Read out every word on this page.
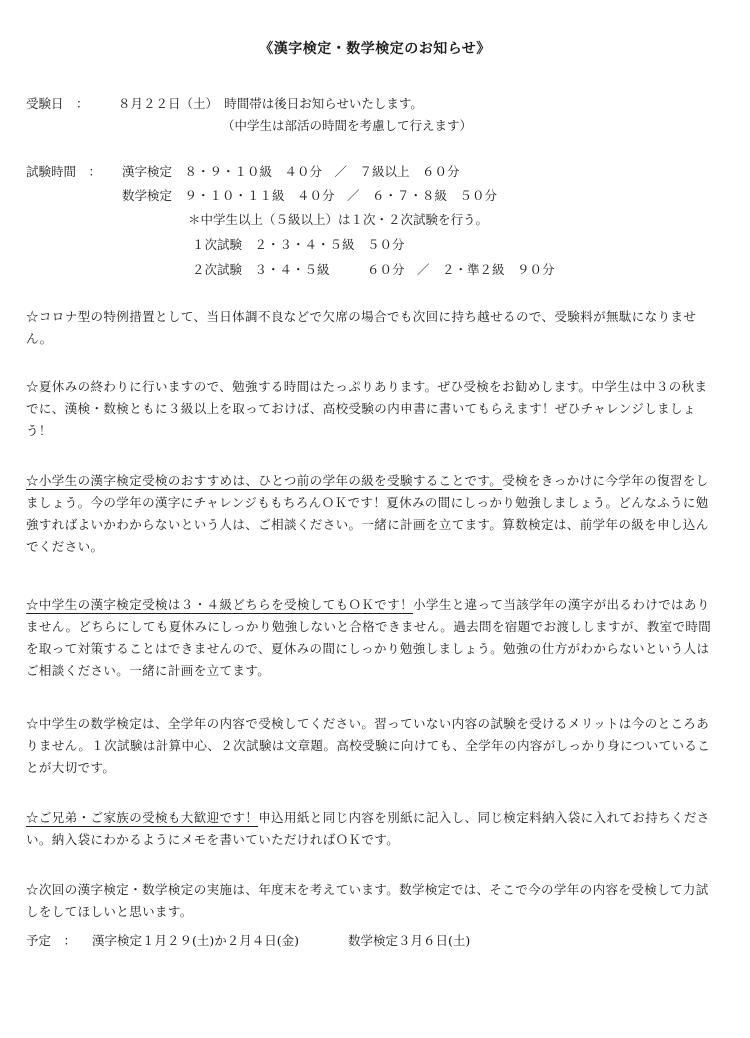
《漢字検定・数学検定のお知らせ》
受験日　： ８月２２日（土）　時間帯は後日お知らせいたします。
（中学生は部活の時間を考慮して行えます）
試験時間　： 漢字検定　８・９・１０級　４０分　／　７級以上　６０分
数学検定　９・１０・１１級　４０分　／　６・７・８級　５０分
＊中学生以上（５級以上）は１次・２次試験を行う。
１次試験　２・３・４・５級　５０分
２次試験　３・４・５級　　　６０分　／　２・準２級　９０分
☆コロナ型の特例措置として、当日体調不良などで欠席の場合でも次回に持ち越せるので、受験料が無駄になりません。
☆夏休みの終わりに行いますので、勉強する時間はたっぷりあります。ぜひ受検をお勧めします。中学生は中３の秋までに、漢検・数検ともに３級以上を取っておけば、高校受験の内申書に書いてもらえます！ぜひチャレンジしましょう！
☆小学生の漢字検定受検のおすすめは、ひとつ前の学年の級を受験することです。受検をきっかけに今学年の復習をしましょう。今の学年の漢字にチャレンジももちろんＯＫです！夏休みの間にしっかり勉強しましょう。どんなふうに勉強すればよいかわからないという人は、ご相談ください。一緒に計画を立てます。算数検定は、前学年の級を申し込んでください。
☆中学生の漢字検定受検は３・４級どちらを受検してもＯＫです！小学生と違って当該学年の漢字が出るわけではありません。どちらにしても夏休みにしっかり勉強しないと合格できません。過去問を宿題でお渡ししますが、教室で時間を取って対策することはできませんので、夏休みの間にしっかり勉強しましょう。勉強の仕方がわからないという人はご相談ください。一緒に計画を立てます。
☆中学生の数学検定は、全学年の内容で受検してください。習っていない内容の試験を受けるメリットは今のところありません。１次試験は計算中心、２次試験は文章題。高校受験に向けても、全学年の内容がしっかり身についていることが大切です。
☆ご兄弟・ご家族の受検も大歓迎です！申込用紙と同じ内容を別紙に記入し、同じ検定料納入袋に入れてお持ちください。納入袋にわかるようにメモを書いていただければＯＫです。
☆次回の漢字検定・数学検定の実施は、年度末を考えています。数学検定では、そこで今の学年の内容を受検して力試しをしてほしいと思います。
予定　： 漢字検定１月２９(土)か２月４日(金)	数学検定３月６日(土)
